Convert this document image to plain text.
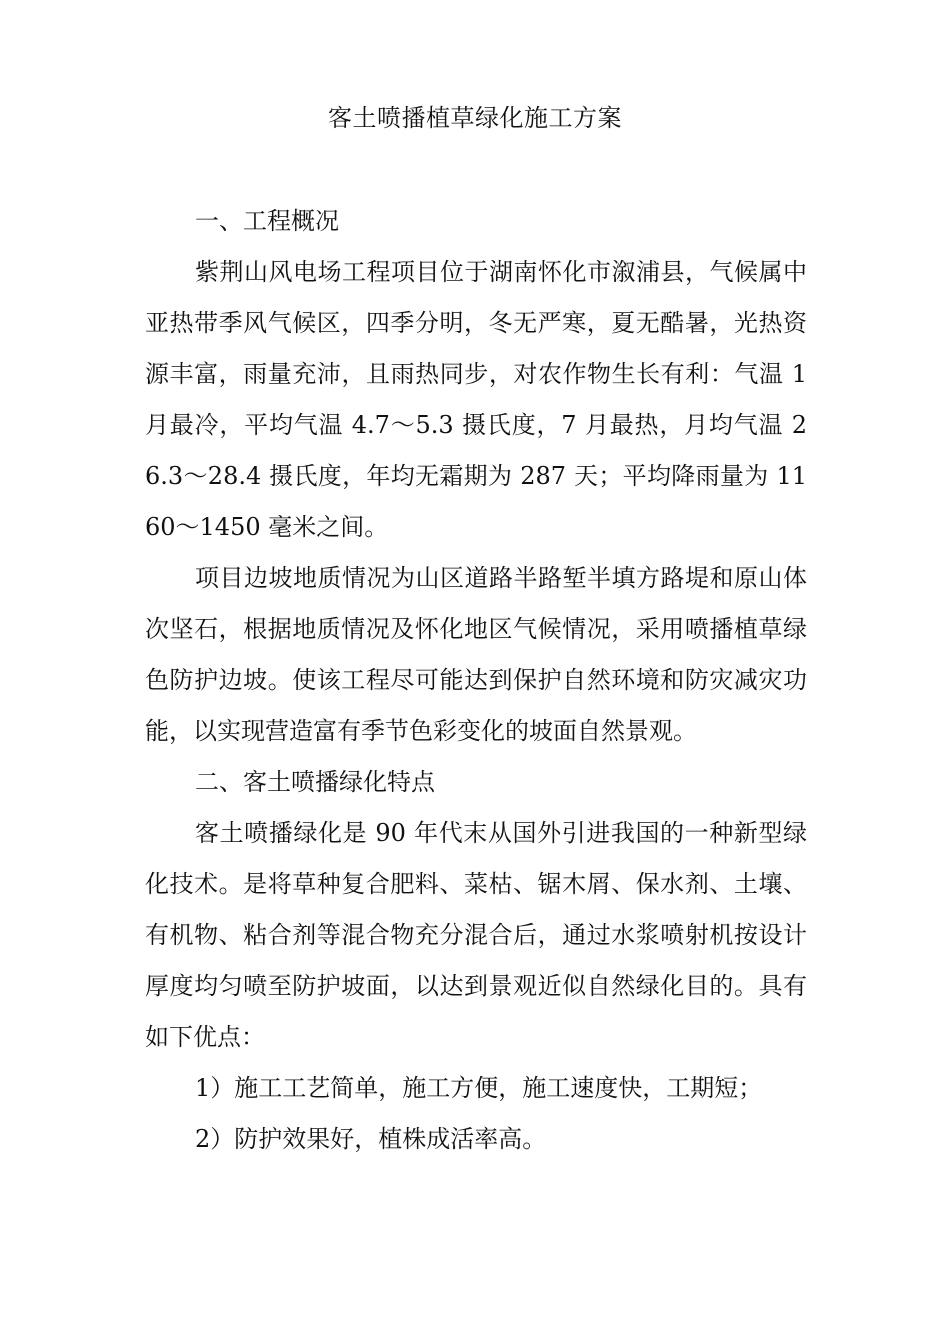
客土喷播植草绿化施工方案

一、工程概况

紫荆山风电场工程项目位于湖南怀化市溆浦县，气候属中亚热带季风气候区，四季分明，冬无严寒，夏无酷暑，光热资源丰富，雨量充沛，且雨热同步，对农作物生长有利：气温 1 月最冷，平均气温 4.7～5.3 摄氏度，7 月最热，月均气温 26.3～28.4 摄氏度，年均无霜期为 287 天；平均降雨量为 1160～1450 毫米之间。

项目边坡地质情况为山区道路半路堑半填方路堤和原山体次坚石，根据地质情况及怀化地区气候情况，采用喷播植草绿色防护边坡。使该工程尽可能达到保护自然环境和防灾减灾功能，以实现营造富有季节色彩变化的坡面自然景观。

二、客土喷播绿化特点

客土喷播绿化是 90 年代末从国外引进我国的一种新型绿化技术。是将草种复合肥料、菜枯、锯木屑、保水剂、土壤、有机物、粘合剂等混合物充分混合后，通过水浆喷射机按设计厚度均匀喷至防护坡面，以达到景观近似自然绿化目的。具有如下优点：

1）施工工艺简单，施工方便，施工速度快，工期短；

2）防护效果好，植株成活率高。
